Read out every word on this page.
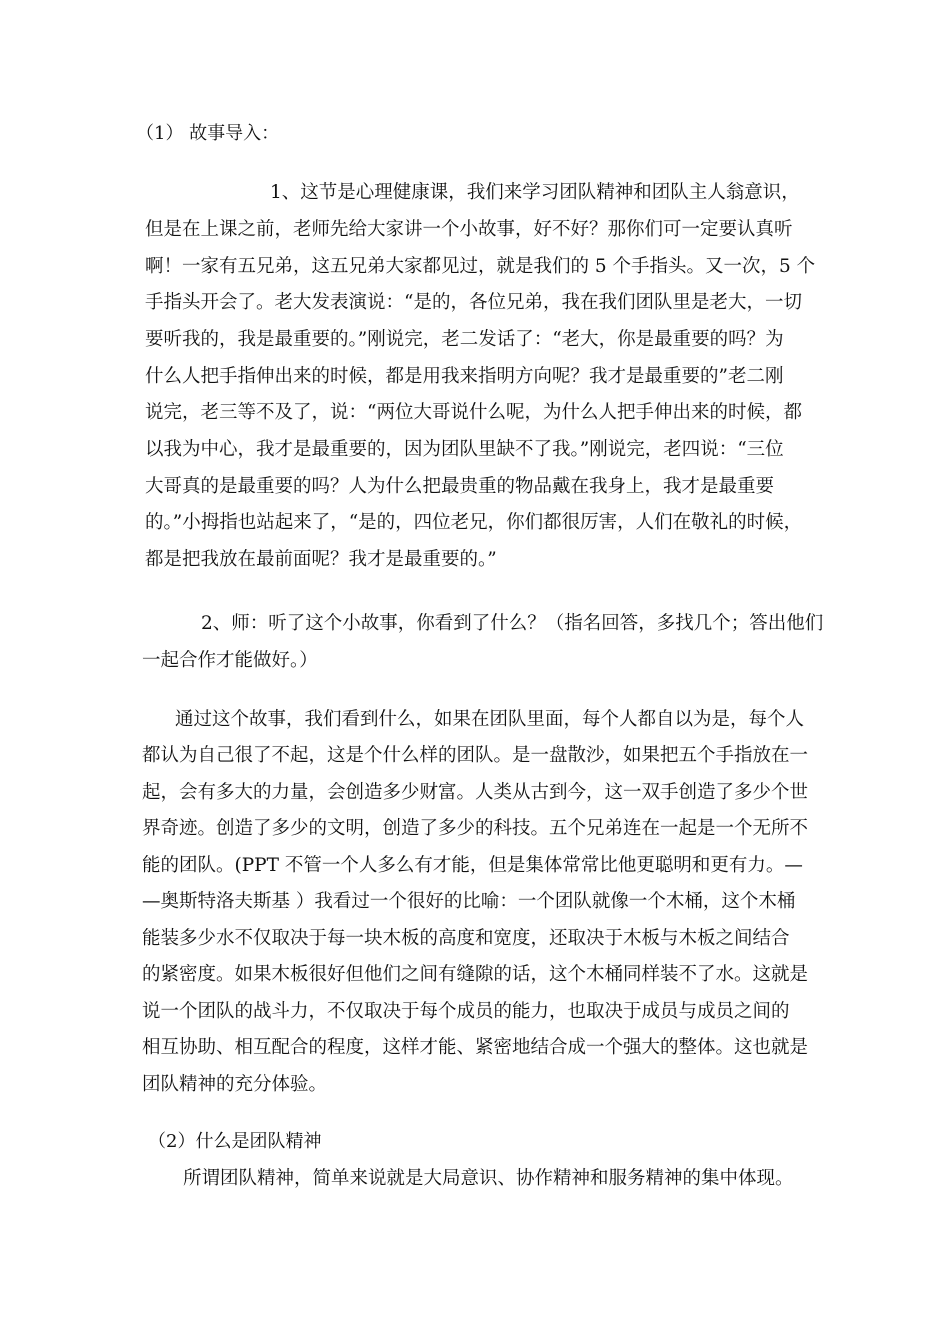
（1） 故事导入：
1、这节是心理健康课，我们来学习团队精神和团队主人翁意识，
但是在上课之前，老师先给大家讲一个小故事，好不好？那你们可一定要认真听
啊！一家有五兄弟，这五兄弟大家都见过，就是我们的 5 个手指头。又一次，5 个
手指头开会了。老大发表演说：“是的，各位兄弟，我在我们团队里是老大，一切
要听我的，我是最重要的。”刚说完，老二发话了：“老大，你是最重要的吗？为
什么人把手指伸出来的时候，都是用我来指明方向呢？我才是最重要的”老二刚
说完，老三等不及了，说：“两位大哥说什么呢，为什么人把手伸出来的时候，都
以我为中心，我才是最重要的，因为团队里缺不了我。”刚说完，老四说：“三位
大哥真的是最重要的吗？人为什么把最贵重的物品戴在我身上，我才是最重要
的。”小拇指也站起来了，“是的，四位老兄，你们都很厉害，人们在敬礼的时候，
都是把我放在最前面呢？我才是最重要的。”
2、师：听了这个小故事，你看到了什么？（指名回答，多找几个；答出他们
一起合作才能做好。）
通过这个故事，我们看到什么，如果在团队里面，每个人都自以为是，每个人
都认为自己很了不起，这是个什么样的团队。是一盘散沙，如果把五个手指放在一
起，会有多大的力量，会创造多少财富。人类从古到今，这一双手创造了多少个世
界奇迹。创造了多少的文明，创造了多少的科技。五个兄弟连在一起是一个无所不
能的团队。(PPT 不管一个人多么有才能，但是集体常常比他更聪明和更有力。—
—奥斯特洛夫斯基 ）我看过一个很好的比喻：一个团队就像一个木桶，这个木桶
能装多少水不仅取决于每一块木板的高度和宽度，还取决于木板与木板之间结合
的紧密度。如果木板很好但他们之间有缝隙的话，这个木桶同样装不了水。这就是
说一个团队的战斗力，不仅取决于每个成员的能力，也取决于成员与成员之间的
相互协助、相互配合的程度，这样才能、紧密地结合成一个强大的整体。这也就是
团队精神的充分体验。
（2）什么是团队精神
所谓团队精神，简单来说就是大局意识、协作精神和服务精神的集中体现。
